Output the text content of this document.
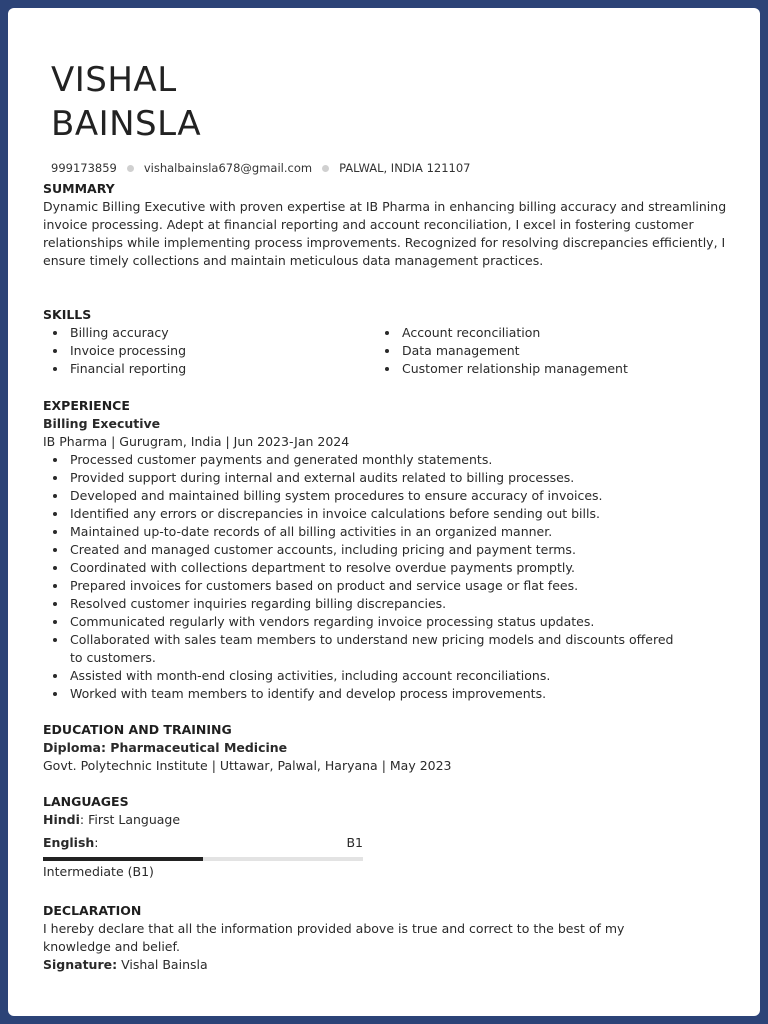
VISHAL
BAINSLA
999173859 vishalbainsla678@gmail.com PALWAL, INDIA 121107
SUMMARY

Dynamic Billing Executive with proven expertise at IB Pharma in enhancing billing accuracy and streamlining invoice processing. Adept at financial reporting and account reconciliation, I excel in fostering customer relationships while implementing process improvements. Recognized for resolving discrepancies efficiently, I ensure timely collections and maintain meticulous data management practices.

SKILLS
Billing accuracy
Invoice processing
Financial reporting
Account reconciliation
Data management
Customer relationship management
EXPERIENCE
Billing Executive
IB Pharma | Gurugram, India | Jun 2023-Jan 2024
Processed customer payments and generated monthly statements.
Provided support during internal and external audits related to billing processes.
Developed and maintained billing system procedures to ensure accuracy of invoices.
Identified any errors or discrepancies in invoice calculations before sending out bills.
Maintained up-to-date records of all billing activities in an organized manner.
Created and managed customer accounts, including pricing and payment terms.
Coordinated with collections department to resolve overdue payments promptly.
Prepared invoices for customers based on product and service usage or flat fees.
Resolved customer inquiries regarding billing discrepancies.
Communicated regularly with vendors regarding invoice processing status updates.
Collaborated with sales team members to understand new pricing models and discounts offered to customers.
Assisted with month-end closing activities, including account reconciliations.
Worked with team members to identify and develop process improvements.
EDUCATION AND TRAINING
Diploma: Pharmaceutical Medicine
Govt. Polytechnic Institute | Uttawar, Palwal, Haryana | May 2023
LANGUAGES
Hindi: First Language
English:	B1
Intermediate (B1)
DECLARATION

I hereby declare that all the information provided above is true and correct to the best of my knowledge and belief.

Signature: Vishal Bainsla
